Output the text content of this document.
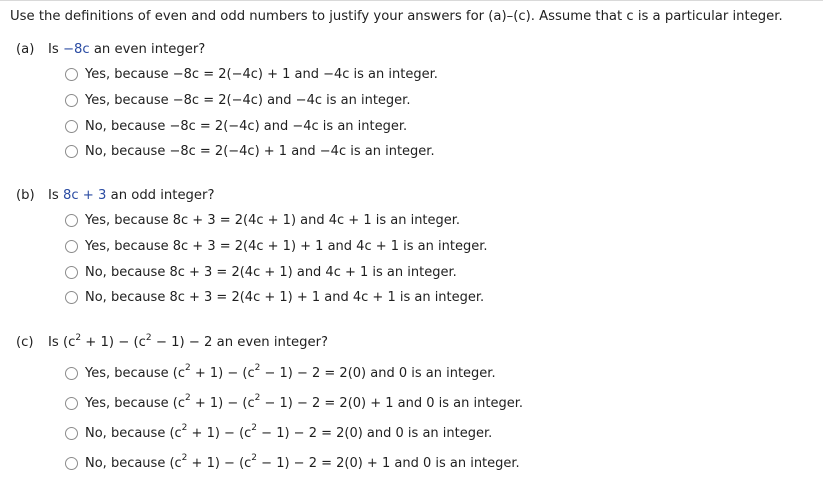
Use the definitions of even and odd numbers to justify your answers for (a)–(c). Assume that c is a particular integer.
(a) Is −8c an even integer?
Yes, because −8c = 2(−4c) + 1 and −4c is an integer.
Yes, because −8c = 2(−4c) and −4c is an integer.
No, because −8c = 2(−4c) and −4c is an integer.
No, because −8c = 2(−4c) + 1 and −4c is an integer.
(b) Is 8c + 3 an odd integer?
Yes, because 8c + 3 = 2(4c + 1) and 4c + 1 is an integer.
Yes, because 8c + 3 = 2(4c + 1) + 1 and 4c + 1 is an integer.
No, because 8c + 3 = 2(4c + 1) and 4c + 1 is an integer.
No, because 8c + 3 = 2(4c + 1) + 1 and 4c + 1 is an integer.
(c) Is $(c^2 + 1) - (c^2 - 1) - 2$ an even integer?
Yes, because $(c^2 + 1) - (c^2 - 1) - 2 = 2(0)$ and 0 is an integer.
Yes, because $(c^2 + 1) - (c^2 - 1) - 2 = 2(0) + 1$ and 0 is an integer.
No, because $(c^2 + 1) - (c^2 - 1) - 2 = 2(0)$ and 0 is an integer.
No, because $(c^2 + 1) - (c^2 - 1) - 2 = 2(0) + 1$ and 0 is an integer.
